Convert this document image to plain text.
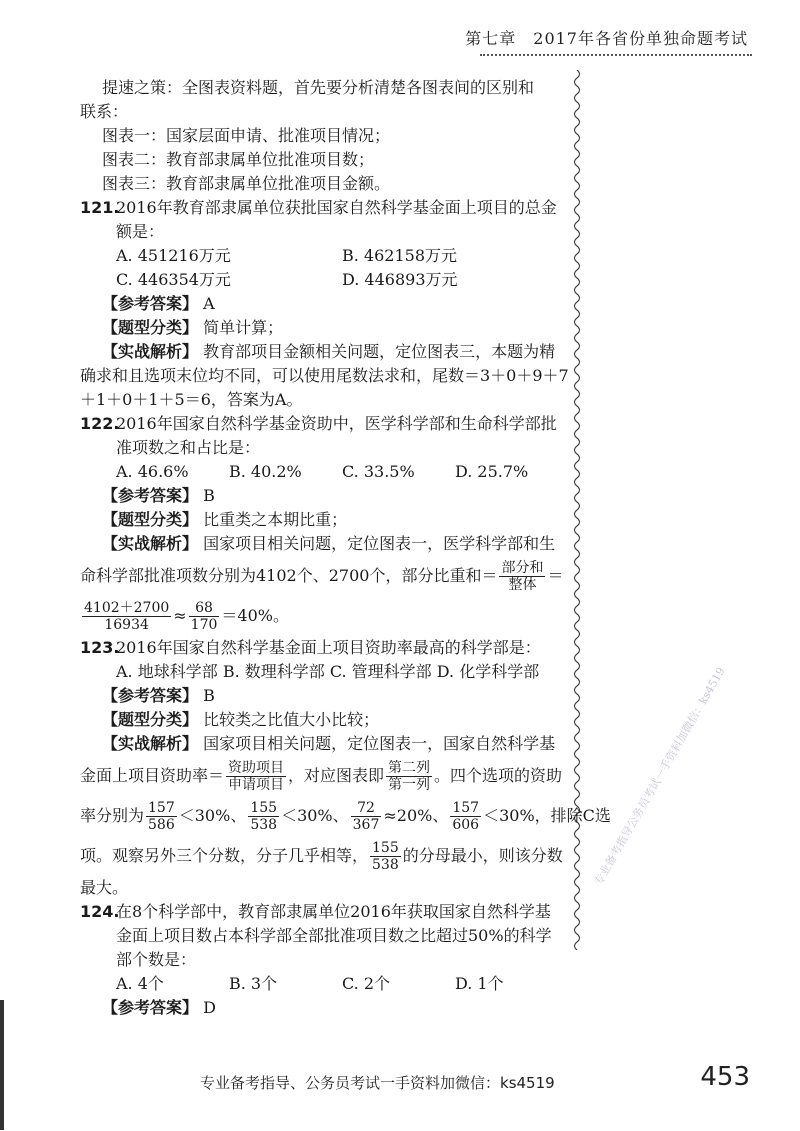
第七章　2017年各省份单独命题考试
提速之策：全图表资料题，首先要分析清楚各图表间的区别和
联系：
图表一：国家层面申请、批准项目情况；
图表二：教育部隶属单位批准项目数；
图表三：教育部隶属单位批准项目金额。
121.
2016年教育部隶属单位获批国家自然科学基金面上项目的总金
额是：
A. 451216万元	B. 462158万元
C. 446354万元	D. 446893万元
【参考答案】 A
【题型分类】 简单计算；
【实战解析】 教育部项目金额相关问题，定位图表三，本题为精
确求和且选项末位均不同，可以使用尾数法求和，尾数＝3＋0＋9＋7
＋1＋0＋1＋5＝6，答案为A。
122.
2016年国家自然科学基金资助中，医学科学部和生命科学部批
准项数之和占比是：
A. 46.6%	B. 40.2%	C. 33.5%	D. 25.7%
【参考答案】 B
【题型分类】 比重类之本期比重；
【实战解析】 国家项目相关问题，定位图表一，医学科学部和生
命科学部批准项数分别为4102个、2700个，部分比重和＝ $\frac{\text{部分和}}{\text{整体}}$ ＝
$\frac{4102+2700}{16934} \approx \frac{68}{170} =40\%$。
123.
2016年国家自然科学基金面上项目资助率最高的科学部是：
A. 地球科学部 B. 数理科学部 C. 管理科学部 D. 化学科学部
【参考答案】 B
【题型分类】 比较类之比值大小比较；
【实战解析】 国家项目相关问题，定位图表一，国家自然科学基
金面上项目资助率＝ $\frac{\text{资助项目}}{\text{申请项目}}$ ，对应图表即 $\frac{\text{第二列}}{\text{第一列}}$ 。四个选项的资助
率分别为 $\frac{157}{586} <30\%$、 $\frac{155}{538} <30\%$、 $\frac{72}{367} \approx 20\%$、 $\frac{157}{606} <30\%$，排除C选
项。观察另外三个分数，分子几乎相等， $\frac{155}{538}$ 的分母最小，则该分数
最大。
124.
在8个科学部中，教育部隶属单位2016年获取国家自然科学基
金面上项目数占本科学部全部批准项目数之比超过50%的科学
部个数是：
A. 4个	B. 3个	C. 2个	D. 1个
【参考答案】 D
专业备考指导公务员考试一手资料加微信：ks4519
专业备考指导、公务员考试一手资料加微信：ks4519	453
